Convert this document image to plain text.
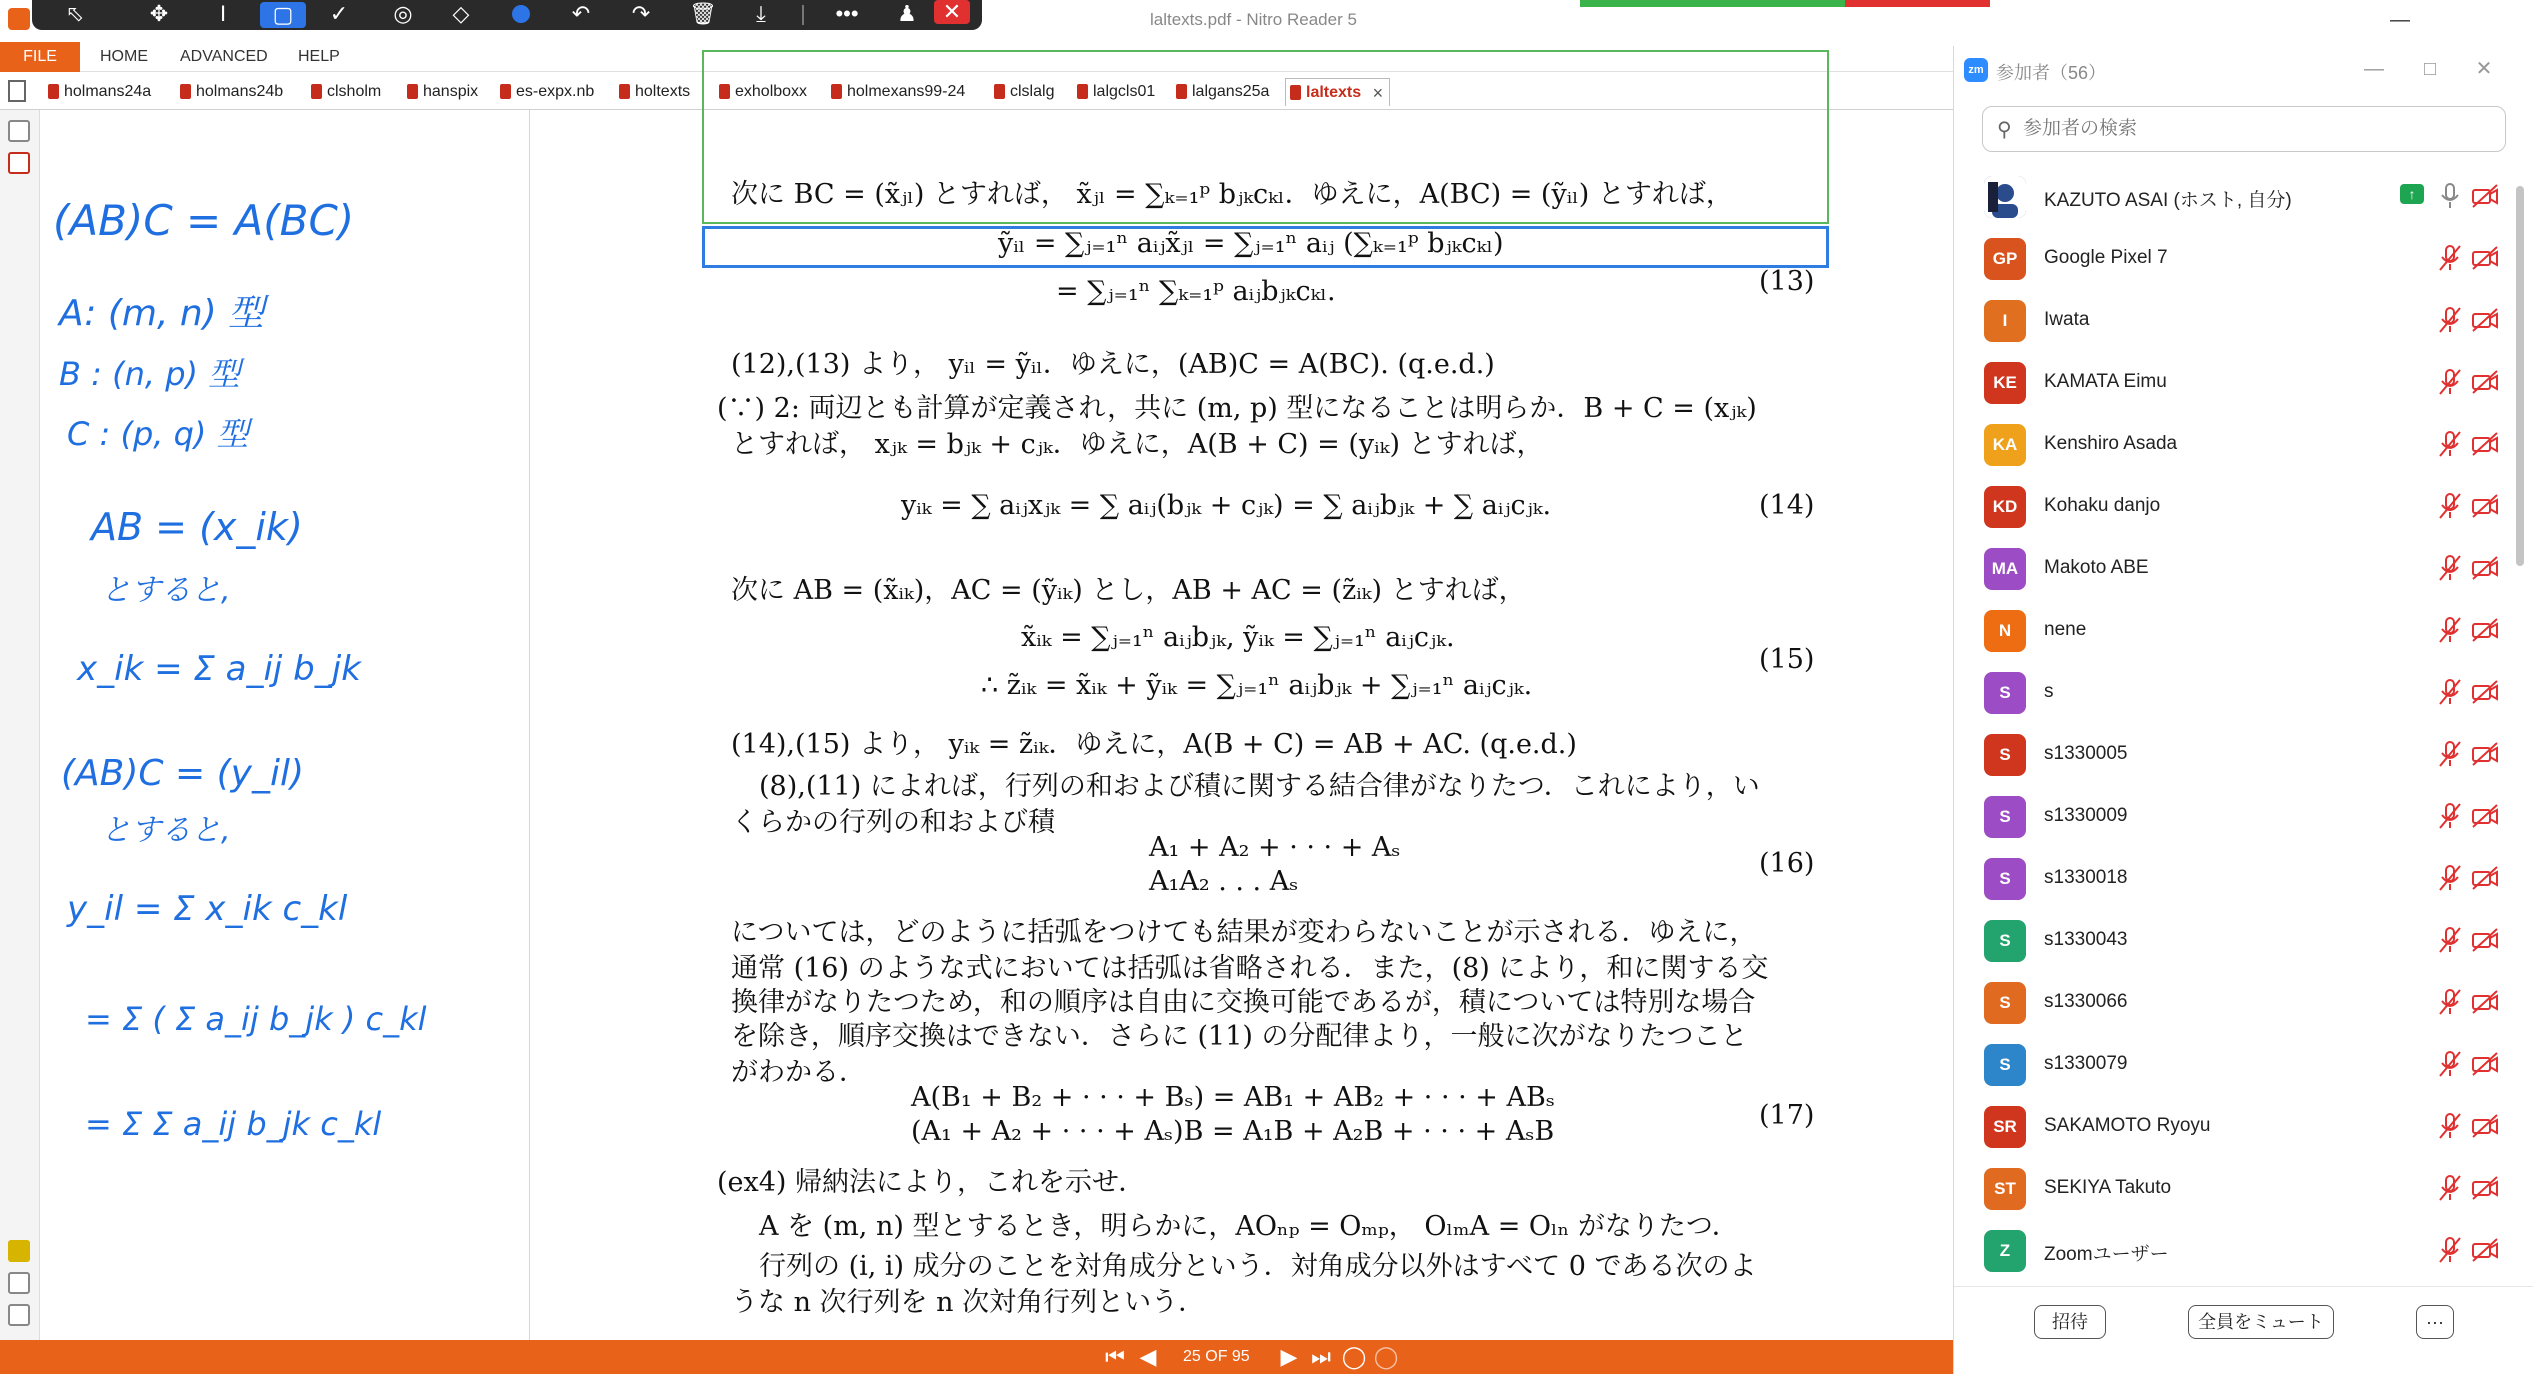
laltexts.pdf - Nitro Reader 5	—
⬁	✥	I	▢	✓	◎	◇	↶	↷	🗑	⤓	•••	♟	✕
FILE	HOME ADVANCED HELP
holmans24a	holmans24b	clsholm	hanspix	es-expx.nb	holtexts	exholboxx	holmexans99-24	clslalg	lalgcls01	lalgans25a	laltexts ×
(AB)C = A(BC)
A: (m, n) 型
B : (n, p) 型
C : (p, q) 型
AB = (x_ik)
とすると,
x_ik = Σ a_ij b_jk
(AB)C = (y_il)
とすると,
y_il = Σ x_ik c_kl
= Σ ( Σ a_ij b_jk ) c_kl
= Σ Σ a_ij b_jk c_kl
次に BC = (x̃ⱼₗ) とすれば， x̃ⱼₗ = ∑ₖ₌₁ᵖ bⱼₖcₖₗ．ゆえに，A(BC) = (ỹᵢₗ) とすれば，
ỹᵢₗ = ∑ⱼ₌₁ⁿ aᵢⱼx̃ⱼₗ = ∑ⱼ₌₁ⁿ aᵢⱼ (∑ₖ₌₁ᵖ bⱼₖcₖₗ)
= ∑ⱼ₌₁ⁿ ∑ₖ₌₁ᵖ aᵢⱼbⱼₖcₖₗ.	(13)
(12),(13) より， yᵢₗ = ỹᵢₗ．ゆえに，(AB)C = A(BC). (q.e.d.)
(∵) 2: 両辺とも計算が定義され，共に (m, p) 型になることは明らか．B + C = (xⱼₖ)
とすれば， xⱼₖ = bⱼₖ + cⱼₖ．ゆえに，A(B + C) = (yᵢₖ) とすれば，
yᵢₖ = ∑ aᵢⱼxⱼₖ = ∑ aᵢⱼ(bⱼₖ + cⱼₖ) = ∑ aᵢⱼbⱼₖ + ∑ aᵢⱼcⱼₖ.	(14)
次に AB = (x̃ᵢₖ)，AC = (ỹᵢₖ) とし，AB + AC = (z̃ᵢₖ) とすれば，
x̃ᵢₖ = ∑ⱼ₌₁ⁿ aᵢⱼbⱼₖ, ỹᵢₖ = ∑ⱼ₌₁ⁿ aᵢⱼcⱼₖ.
∴ z̃ᵢₖ = x̃ᵢₖ + ỹᵢₖ = ∑ⱼ₌₁ⁿ aᵢⱼbⱼₖ + ∑ⱼ₌₁ⁿ aᵢⱼcⱼₖ.
(15)
(14),(15) より， yᵢₖ = z̃ᵢₖ．ゆえに，A(B + C) = AB + AC. (q.e.d.)
(8),(11) によれば，行列の和および積に関する結合律がなりたつ．これにより，い
くらかの行列の和および積
A₁ + A₂ + · · · + Aₛ
A₁A₂ . . . Aₛ
(16)
については，どのように括弧をつけても結果が変わらないことが示される．ゆえに，
通常 (16) のような式においては括弧は省略される．また，(8) により，和に関する交
換律がなりたつため，和の順序は自由に交換可能であるが，積については特別な場合
を除き，順序交換はできない．さらに (11) の分配律より，一般に次がなりたつこと
がわかる．
A(B₁ + B₂ + · · · + Bₛ) = AB₁ + AB₂ + · · · + ABₛ
(A₁ + A₂ + · · · + Aₛ)B = A₁B + A₂B + · · · + AₛB
(17)
(ex4) 帰納法により，これを示せ．
A を (m, n) 型とするとき，明らかに，AOₙₚ = Oₘₚ， OₗₘA = Oₗₙ がなりたつ．
行列の (i, i) 成分のことを対角成分という．対角成分以外はすべて 0 である次のよ
うな n 次行列を n 次対角行列という．
⏮ ◀	25 OF 95 ▶ ⏭ ◯ ◯
zm 参加者（56）	—	□	✕
⚲
参加者の検索
KAZUTO ASAI (ホスト, 自分)	↑
GP	Google Pixel 7
I	Iwata
KE	KAMATA Eimu
KA	Kenshiro Asada
KD	Kohaku danjo
MA	Makoto ABE
N	nene
S	s
S	s1330005
S	s1330009
S	s1330018
S	s1330043
S	s1330066
S	s1330079
SR	SAKAMOTO Ryoyu
ST	SEKIYA Takuto
Z	Zoomユーザー
招待	全員をミュート	···
